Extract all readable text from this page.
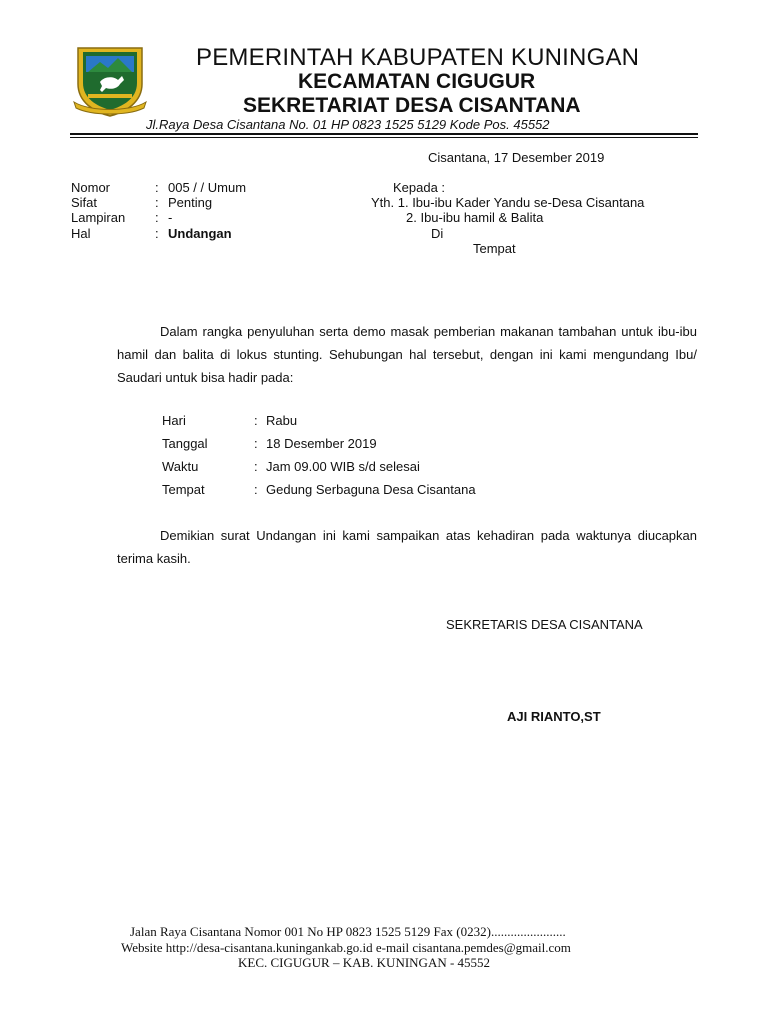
PEMERINTAH KABUPATEN KUNINGAN
KECAMATAN CIGUGUR
SEKRETARIAT DESA CISANTANA
Jl.Raya Desa Cisantana No. 01 HP 0823 1525 5129 Kode Pos. 45552
Cisantana, 17 Desember 2019
Nomor	: 005 / / Umum
Sifat	: Penting
Lampiran : -
Hal	: Undangan
Kepada :
Yth. 1. Ibu-ibu Kader Yandu se-Desa Cisantana
2. Ibu-ibu hamil & Balita
Di
Tempat
Dalam rangka penyuluhan serta demo masak pemberian makanan tambahan untuk ibu-ibu hamil dan balita di lokus stunting. Sehubungan hal tersebut, dengan ini kami mengundang Ibu/ Saudari untuk bisa hadir pada:
Hari	: Rabu
Tanggal	: 18 Desember 2019
Waktu	: Jam 09.00 WIB s/d selesai
Tempat	: Gedung Serbaguna Desa Cisantana
Demikian surat Undangan ini kami sampaikan atas kehadiran pada waktunya diucapkan terima kasih.
SEKRETARIS DESA CISANTANA
AJI RIANTO,ST
Jalan Raya Cisantana Nomor 001 No HP 0823 1525 5129 Fax (0232).......................
Website http://desa-cisantana.kuningankab.go.id e-mail cisantana.pemdes@gmail.com
KEC. CIGUGUR – KAB. KUNINGAN - 45552
